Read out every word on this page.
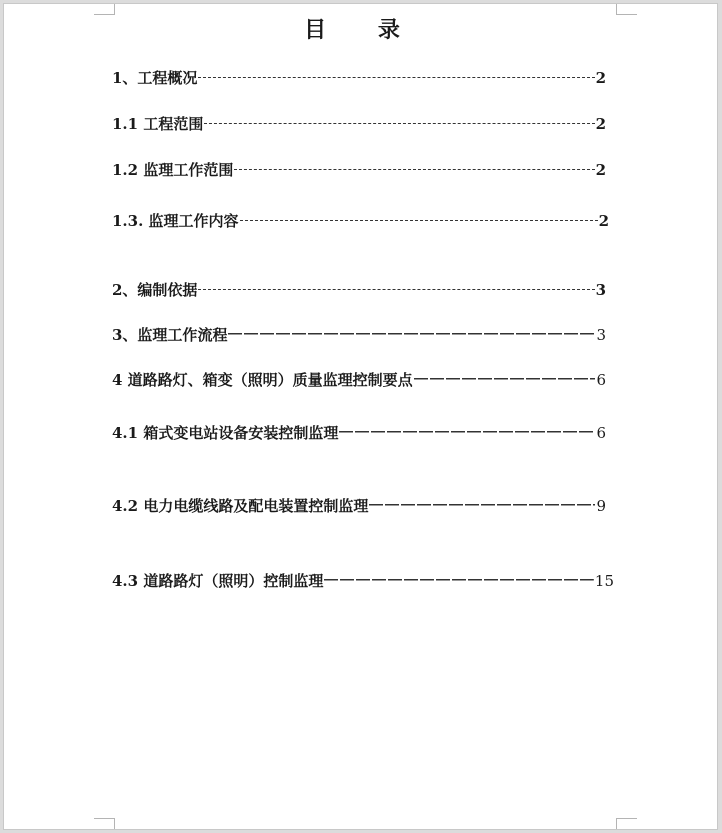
目 录
1、工程概况	2
1.1 工程范围	2
1.2 监理工作范围	2
1.3. 监理工作内容	2
2、编制依据	3
3、监理工作流程	3
4 道路路灯、箱变（照明）质量监理控制要点	6
4.1 箱式变电站设备安装控制监理	6
4.2 电力电缆线路及配电装置控制监理	9
4.3 道路路灯（照明）控制监理	15
